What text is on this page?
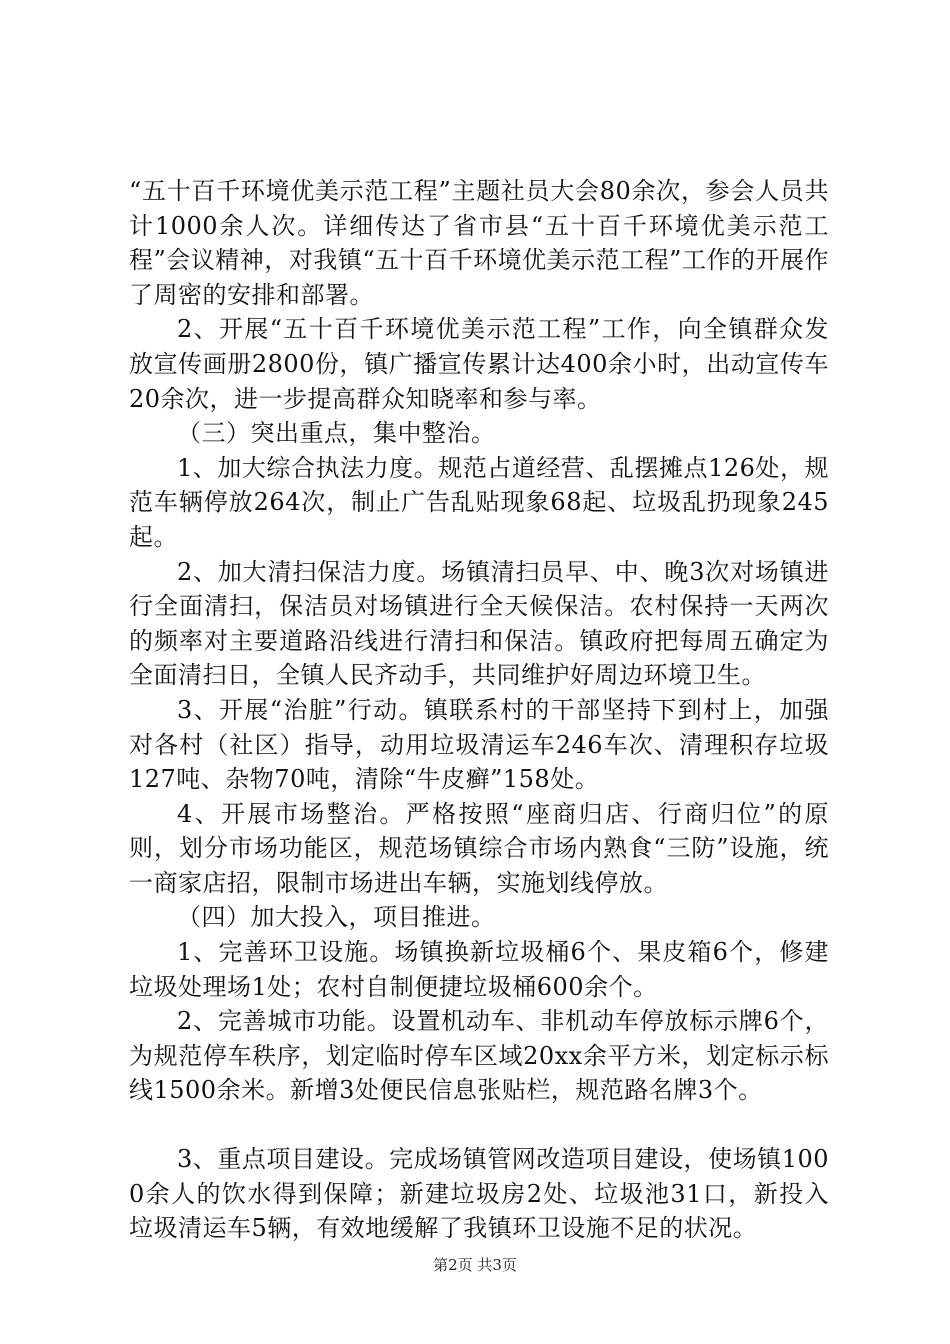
“五十百千环境优美示范工程”主题社员大会80余次，参会人员共计1000余人次。详细传达了省市县“五十百千环境优美示范工程”会议精神，对我镇“五十百千环境优美示范工程”工作的开展作了周密的安排和部署。

2、开展“五十百千环境优美示范工程”工作，向全镇群众发放宣传画册2800份，镇广播宣传累计达400余小时，出动宣传车20余次，进一步提高群众知晓率和参与率。

（三）突出重点，集中整治。

1、加大综合执法力度。规范占道经营、乱摆摊点126处，规范车辆停放264次，制止广告乱贴现象68起、垃圾乱扔现象245起。

2、加大清扫保洁力度。场镇清扫员早、中、晚3次对场镇进行全面清扫，保洁员对场镇进行全天候保洁。农村保持一天两次的频率对主要道路沿线进行清扫和保洁。镇政府把每周五确定为全面清扫日，全镇人民齐动手，共同维护好周边环境卫生。

3、开展“治脏”行动。镇联系村的干部坚持下到村上，加强对各村（社区）指导，动用垃圾清运车246车次、清理积存垃圾127吨、杂物70吨，清除“牛皮癣”158处。

4、开展市场整治。严格按照“座商归店、行商归位”的原则，划分市场功能区，规范场镇综合市场内熟食“三防”设施，统一商家店招，限制市场进出车辆，实施划线停放。

（四）加大投入，项目推进。

1、完善环卫设施。场镇换新垃圾桶6个、果皮箱6个，修建垃圾处理场1处；农村自制便捷垃圾桶600余个。

2、完善城市功能。设置机动车、非机动车停放标示牌6个，为规范停车秩序，划定临时停车区域20xx余平方米，划定标示标线1500余米。新增3处便民信息张贴栏，规范路名牌3个。

3、重点项目建设。完成场镇管网改造项目建设，使场镇1000余人的饮水得到保障；新建垃圾房2处、垃圾池31口，新投入垃圾清运车5辆，有效地缓解了我镇环卫设施不足的状况。

第2页 共3页
